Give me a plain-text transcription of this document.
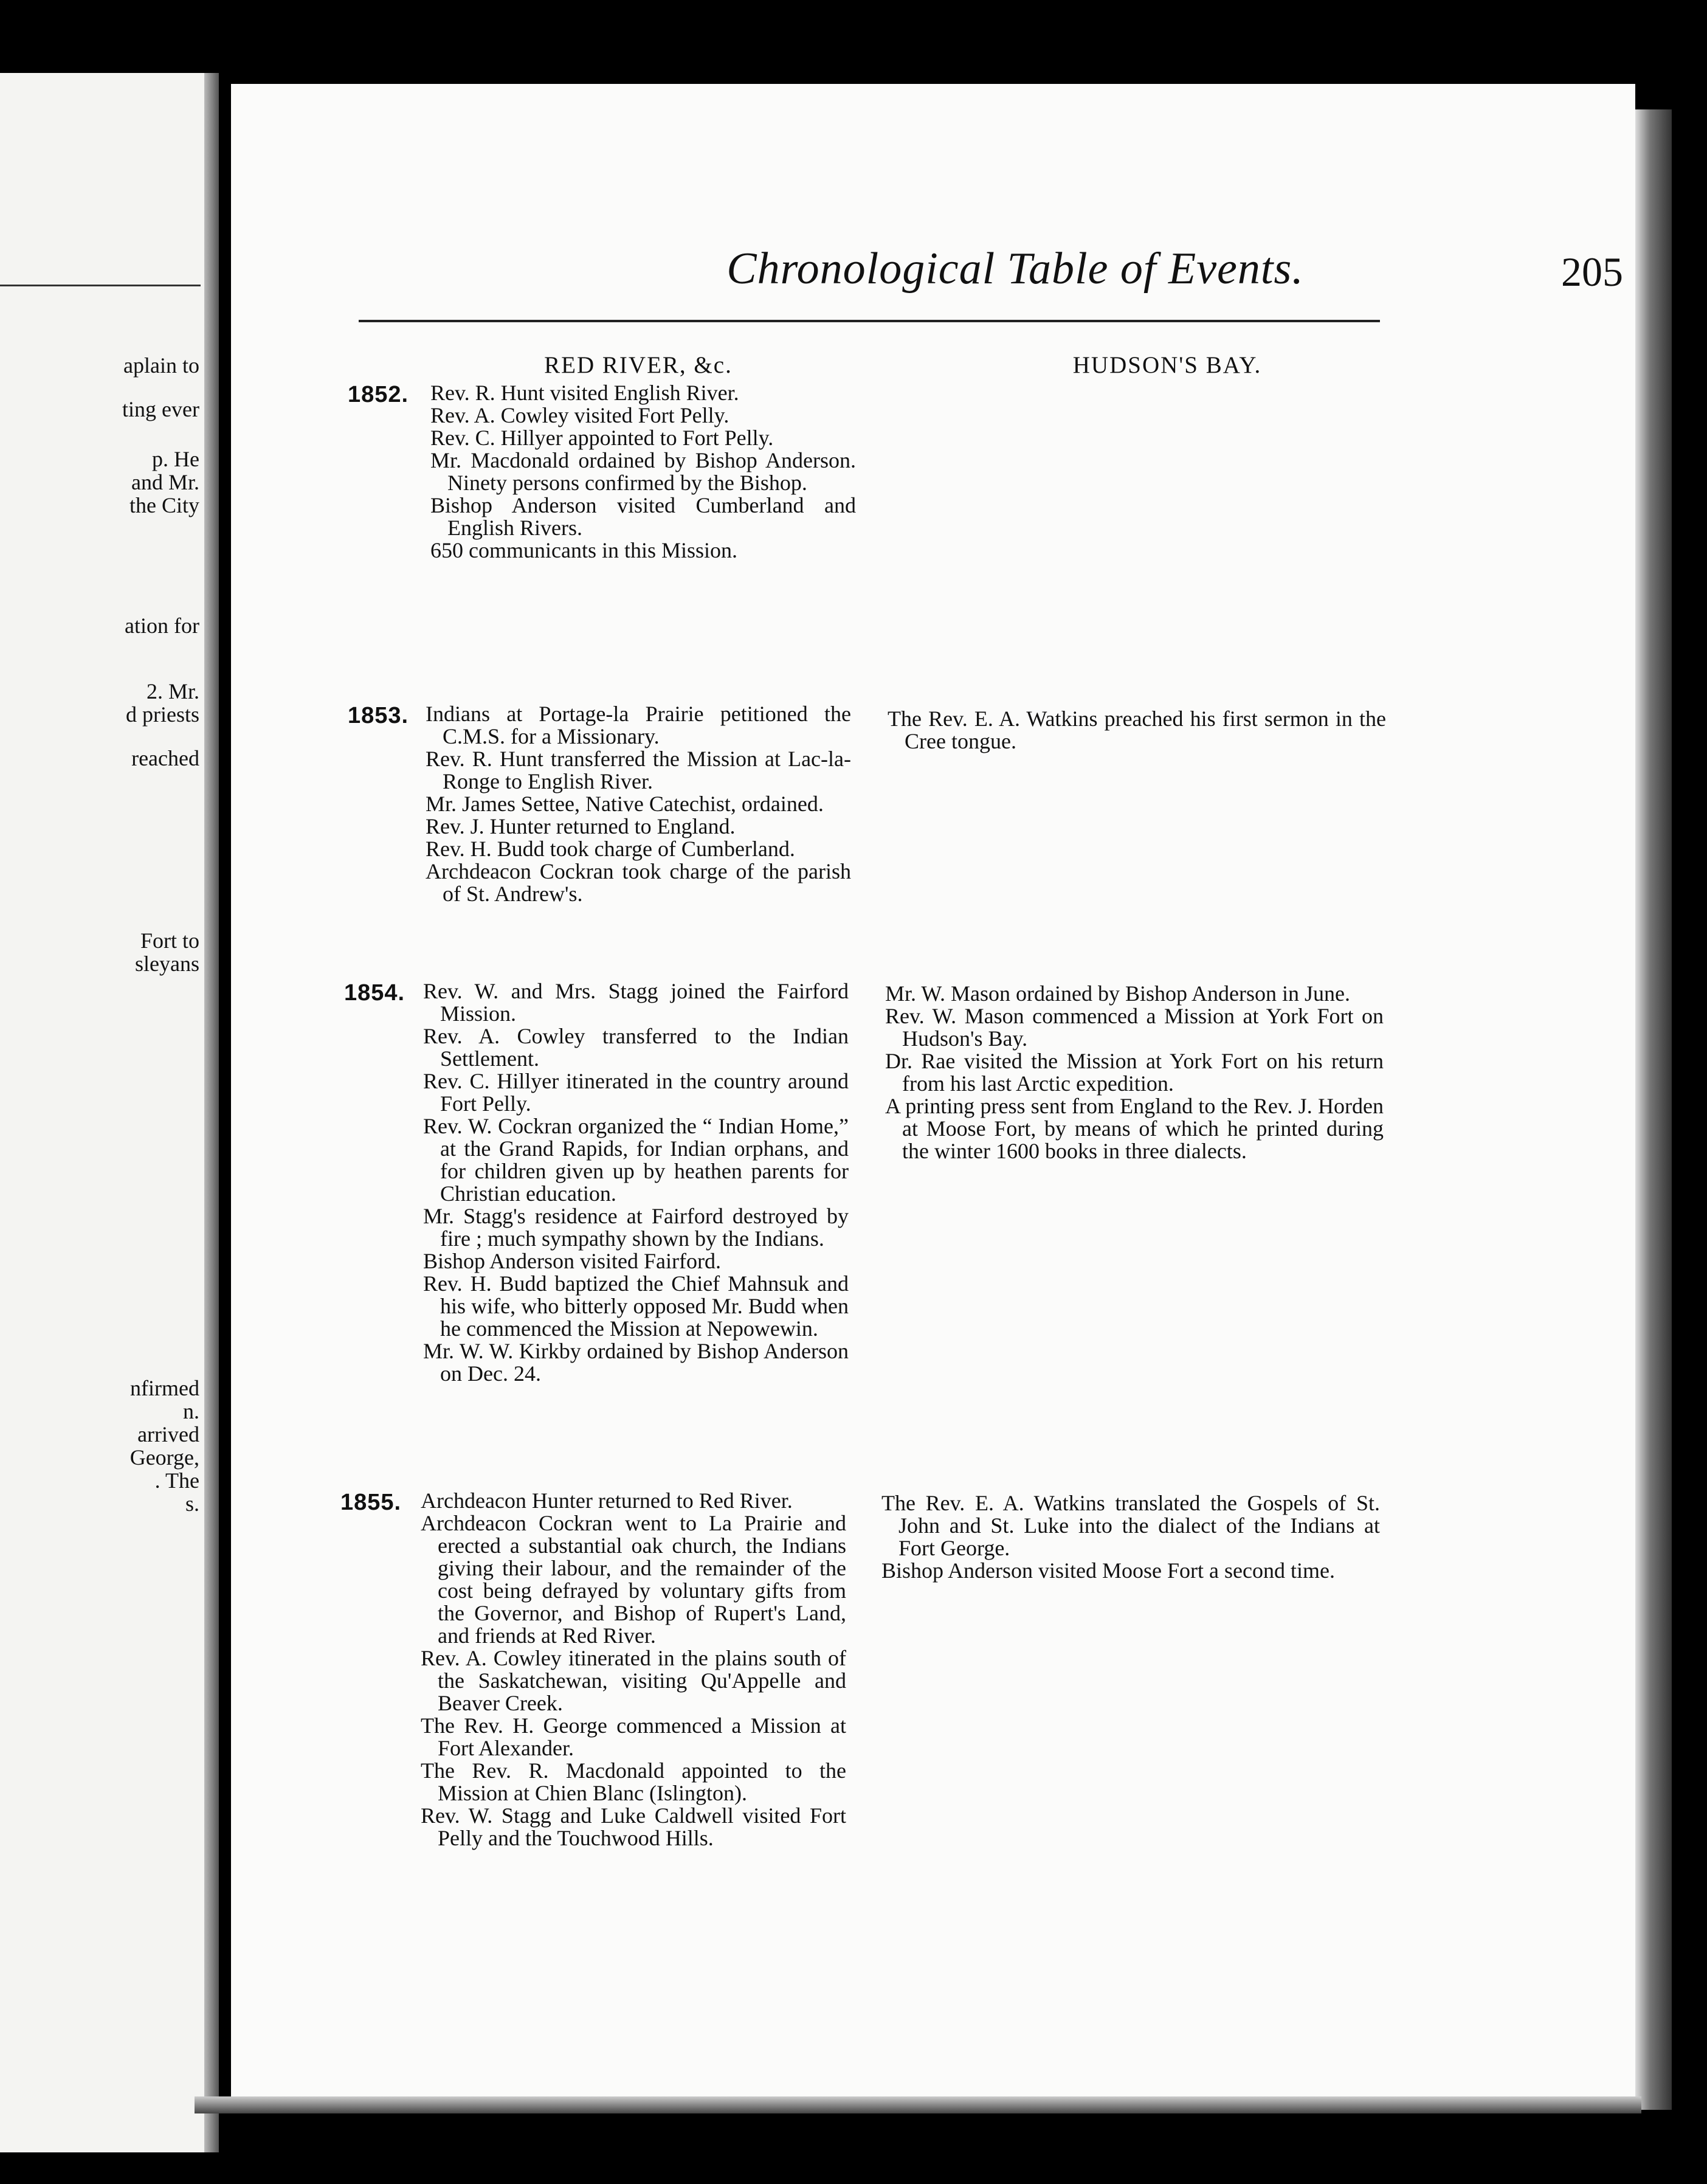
aplain to
ting ever
p. He
and Mr.
the City
ation for
2. Mr.
d priests
reached
Fort to
sleyans
nfirmed
n.
arrived
George,
. The
s.
Chronological Table of Events.	205
RED RIVER, &c.	HUDSON'S BAY.
1852. Rev. R. Hunt visited English River.
Rev. A. Cowley visited Fort Pelly.
Rev. C. Hillyer appointed to Fort Pelly.
Mr. Macdonald ordained by Bishop Anderson. Ninety persons confirmed by the Bishop.
Bishop Anderson visited Cumberland and English Rivers.
650 communicants in this Mission.
1853. Indians at Portage-la Prairie petitioned the C.M.S. for a Missionary.
Rev. R. Hunt transferred the Mission at Lac-la-Ronge to English River.
Mr. James Settee, Native Catechist, ordained.
Rev. J. Hunter returned to England.
Rev. H. Budd took charge of Cumberland.
Archdeacon Cockran took charge of the parish of St. Andrew's.
The Rev. E. A. Watkins preached his first sermon in the Cree tongue.
1854. Rev. W. and Mrs. Stagg joined the Fairford Mission.
Rev. A. Cowley transferred to the Indian Settlement.
Rev. C. Hillyer itinerated in the country around Fort Pelly.
Rev. W. Cockran organized the “ Indian Home,” at the Grand Rapids, for Indian orphans, and for children given up by heathen parents for Christian education.
Mr. Stagg's residence at Fairford destroyed by fire ; much sympathy shown by the Indians.
Bishop Anderson visited Fairford.
Rev. H. Budd baptized the Chief Mahnsuk and his wife, who bitterly opposed Mr. Budd when he commenced the Mission at Nepowewin.
Mr. W. W. Kirkby ordained by Bishop Anderson on Dec. 24.
Mr. W. Mason ordained by Bishop Anderson in June.
Rev. W. Mason commenced a Mission at York Fort on Hudson's Bay.
Dr. Rae visited the Mission at York Fort on his return from his last Arctic expedition.
A printing press sent from England to the Rev. J. Horden at Moose Fort, by means of which he printed during the winter 1600 books in three dialects.
1855. Archdeacon Hunter returned to Red River.
Archdeacon Cockran went to La Prairie and erected a substantial oak church, the Indians giving their labour, and the remainder of the cost being defrayed by voluntary gifts from the Governor, and Bishop of Rupert's Land, and friends at Red River.
Rev. A. Cowley itinerated in the plains south of the Saskatchewan, visiting Qu'Appelle and Beaver Creek.
The Rev. H. George commenced a Mission at Fort Alexander.
The Rev. R. Macdonald appointed to the Mission at Chien Blanc (Islington).
Rev. W. Stagg and Luke Caldwell visited Fort Pelly and the Touchwood Hills.
The Rev. E. A. Watkins translated the Gospels of St. John and St. Luke into the dialect of the Indians at Fort George.
Bishop Anderson visited Moose Fort a second time.
